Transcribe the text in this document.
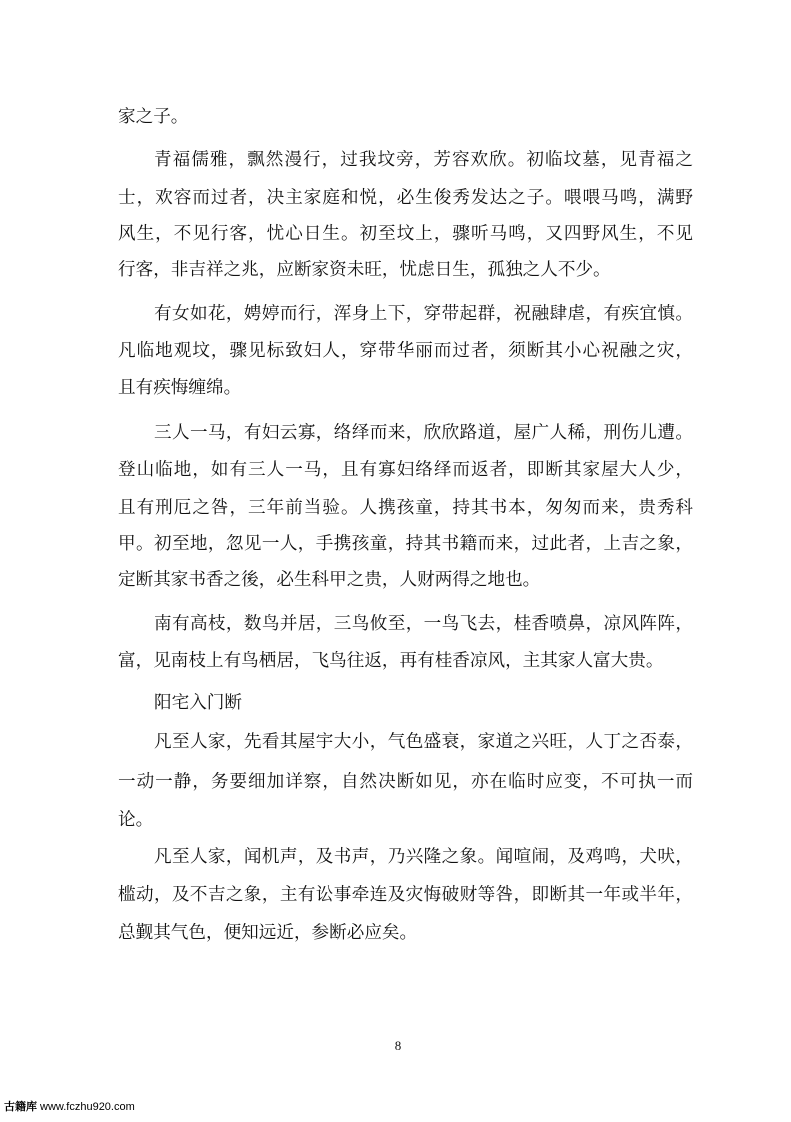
家之子。
青福儒雅，飘然漫行，过我坟旁，芳容欢欣。初临坟墓，见青福之
士，欢容而过者，决主家庭和悦，必生俊秀发达之子。喂喂马鸣，满野
风生，不见行客，忧心日生。初至坟上，骤听马鸣，又四野风生，不见
行客，非吉祥之兆，应断家资未旺，忧虑日生，孤独之人不少。
有女如花，娉婷而行，浑身上下，穿带起群，祝融肆虐，有疾宜慎。
凡临地观坟，骤见标致妇人，穿带华丽而过者，须断其小心祝融之灾，
且有疾悔缠绵。
三人一马，有妇云寡，络绎而来，欣欣路道，屋广人稀，刑伤儿遭。
登山临地，如有三人一马，且有寡妇络绎而返者，即断其家屋大人少，
且有刑厄之咎，三年前当验。人携孩童，持其书本，匆匆而来，贵秀科
甲。初至地，忽见一人，手携孩童，持其书籍而来，过此者，上吉之象，
定断其家书香之後，必生科甲之贵，人财两得之地也。
南有高枝，数鸟并居，三鸟攸至，一鸟飞去，桂香喷鼻，凉风阵阵，
富，见南枝上有鸟栖居，飞鸟往返，再有桂香凉风，主其家人富大贵。
阳宅入门断
凡至人家，先看其屋宇大小，气色盛衰，家道之兴旺，人丁之否泰，
一动一静，务要细加详察，自然决断如见，亦在临时应变，不可执一而
论。
凡至人家，闻机声，及书声，乃兴隆之象。闻喧闹，及鸡鸣，犬吠，
槛动，及不吉之象，主有讼事牵连及灾悔破财等咎，即断其一年或半年，
总觐其气色，便知远近，参断必应矣。
8
古籍库 www.fczhu920.com
